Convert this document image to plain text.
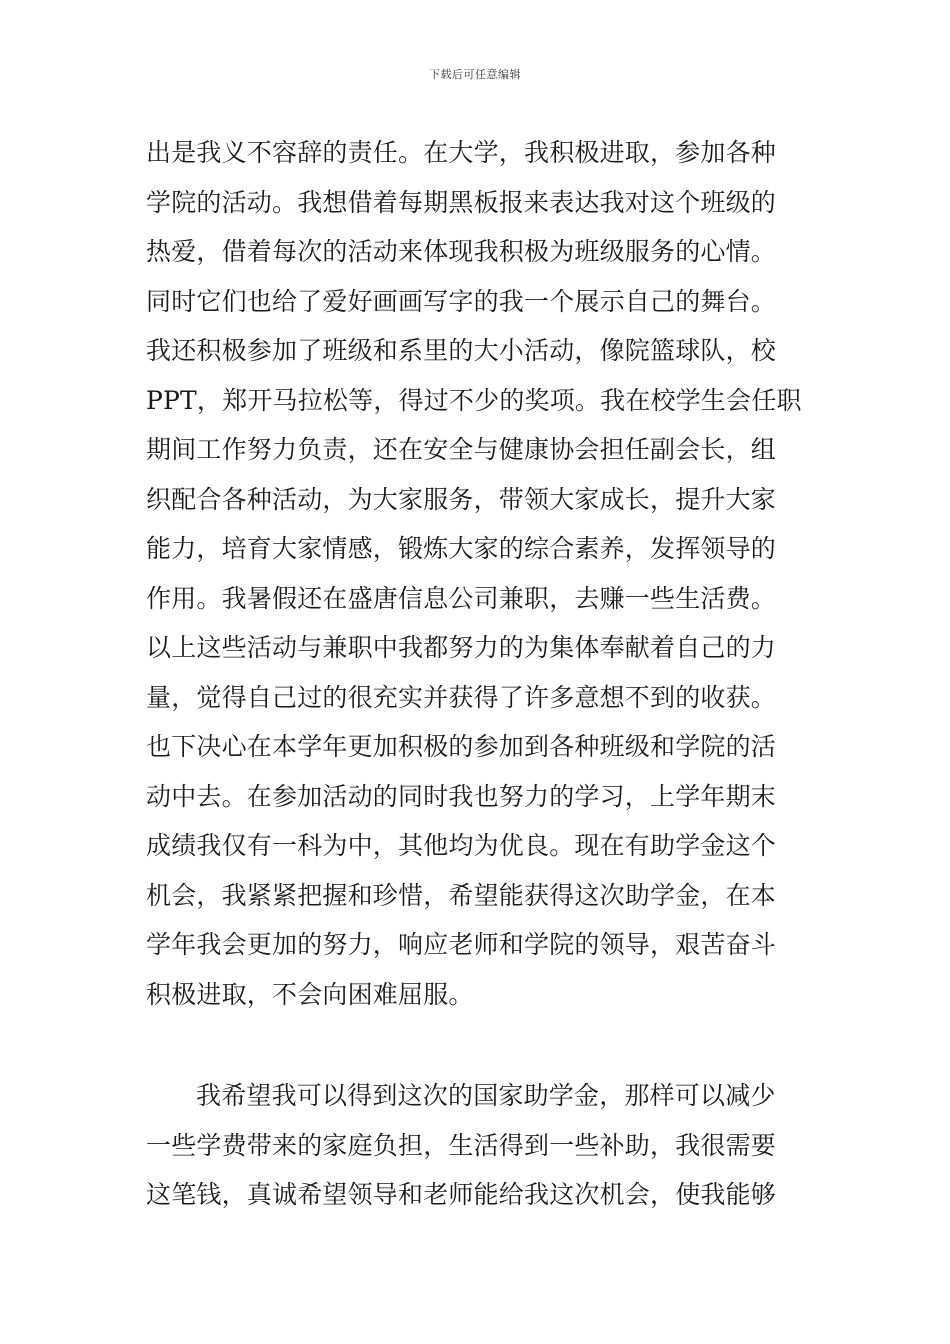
下载后可任意编辑
出是我义不容辞的责任。在大学，我积极进取，参加各种
学院的活动。我想借着每期黑板报来表达我对这个班级的
热爱，借着每次的活动来体现我积极为班级服务的心情。
同时它们也给了爱好画画写字的我一个展示自己的舞台。
我还积极参加了班级和系里的大小活动，像院篮球队，校
PPT，郑开马拉松等，得过不少的奖项。我在校学生会任职
期间工作努力负责，还在安全与健康协会担任副会长，组
织配合各种活动，为大家服务，带领大家成长，提升大家
能力，培育大家情感，锻炼大家的综合素养，发挥领导的
作用。我暑假还在盛唐信息公司兼职，去赚一些生活费。
以上这些活动与兼职中我都努力的为集体奉献着自己的力
量，觉得自己过的很充实并获得了许多意想不到的收获。
也下决心在本学年更加积极的参加到各种班级和学院的活
动中去。在参加活动的同时我也努力的学习，上学年期末
成绩我仅有一科为中，其他均为优良。现在有助学金这个
机会，我紧紧把握和珍惜，希望能获得这次助学金，在本
学年我会更加的努力，响应老师和学院的领导，艰苦奋斗
积极进取，不会向困难屈服。
我希望我可以得到这次的国家助学金，那样可以减少
一些学费带来的家庭负担，生活得到一些补助，我很需要
这笔钱，真诚希望领导和老师能给我这次机会，使我能够
